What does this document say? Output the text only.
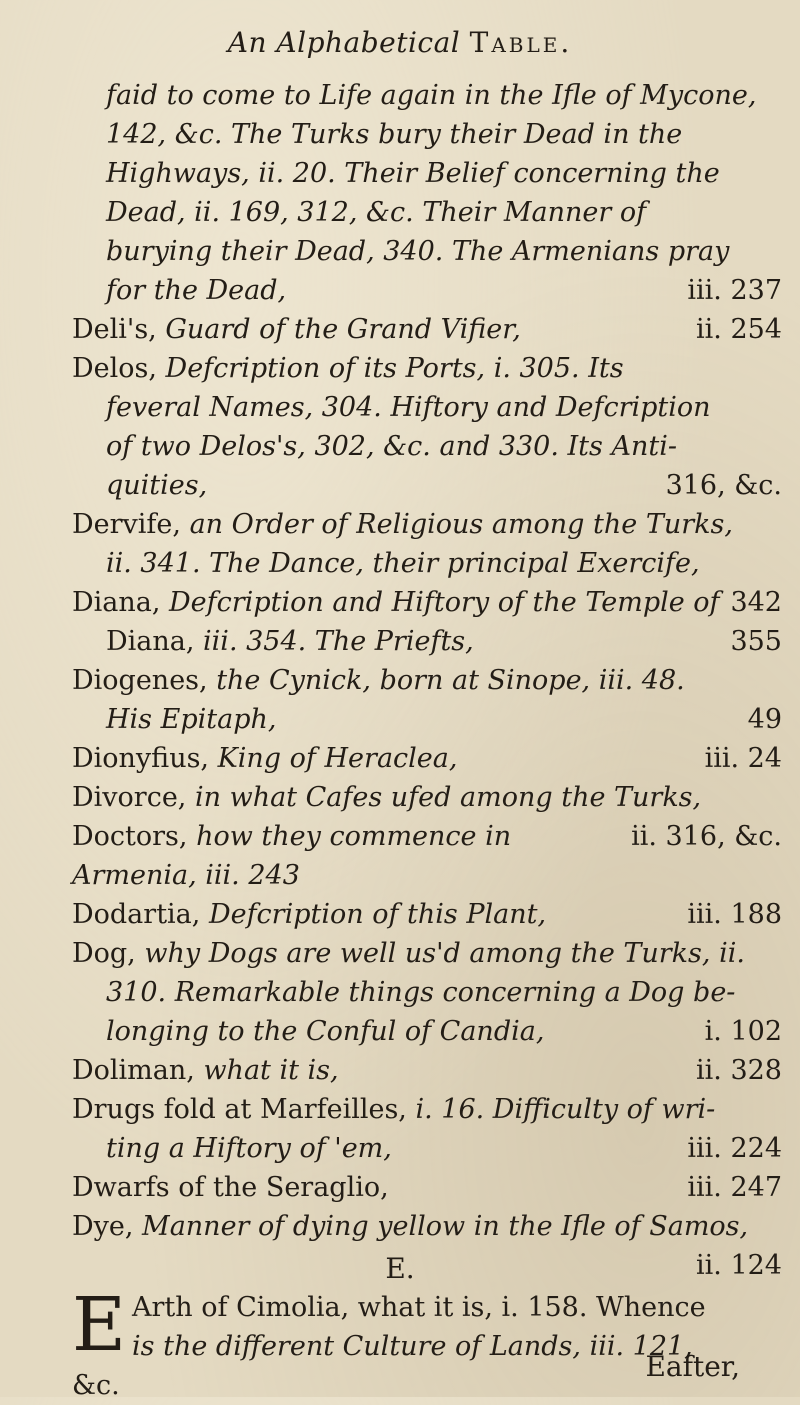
An Alphabetical Table.
faid to come to Life again in the Ifle of Mycone,
142, &c. The Turks bury their Dead in the
Highways, ii. 20. Their Belief concerning the
Dead, ii. 169, 312, &c. Their Manner of
burying their Dead, 340. The Armenians pray
iii. 237
for the Dead,
ii. 254
Deli's, Guard of the Grand Vifier,
Delos, Defcription of its Ports, i. 305. Its
feveral Names, 304. Hiftory and Defcription
of two Delos's, 302, &c. and 330. Its Anti-
316, &c.
quities,
Dervife, an Order of Religious among the Turks,
ii. 341. The Dance, their principal Exercife,
342
Diana, Defcription and Hiftory of the Temple of
355
Diana, iii. 354. The Priefts,
Diogenes, the Cynick, born at Sinope, iii. 48.
49
His Epitaph,
iii. 24
Dionyfius, King of Heraclea,
Divorce, in what Cafes ufed among the Turks,
ii. 316, &c.
Doctors, how they commence in Armenia, iii. 243
iii. 188
Dodartia, Defcription of this Plant,
Dog, why Dogs are well us'd among the Turks, ii.
310. Remarkable things concerning a Dog be-
i. 102
longing to the Conful of Candia,
ii. 328
Doliman, what it is,
Drugs fold at Marfeilles, i. 16. Difficulty of wri-
iii. 224
ting a Hiftory of 'em,
iii. 247
Dwarfs of the Seraglio,
Dye, Manner of dying yellow in the Ifle of Samos,
ii. 124
E.
E Arth of Cimolia, what it is, i. 158. Whence
is the different Culture of Lands, iii. 121,
&c.
Eafter,
